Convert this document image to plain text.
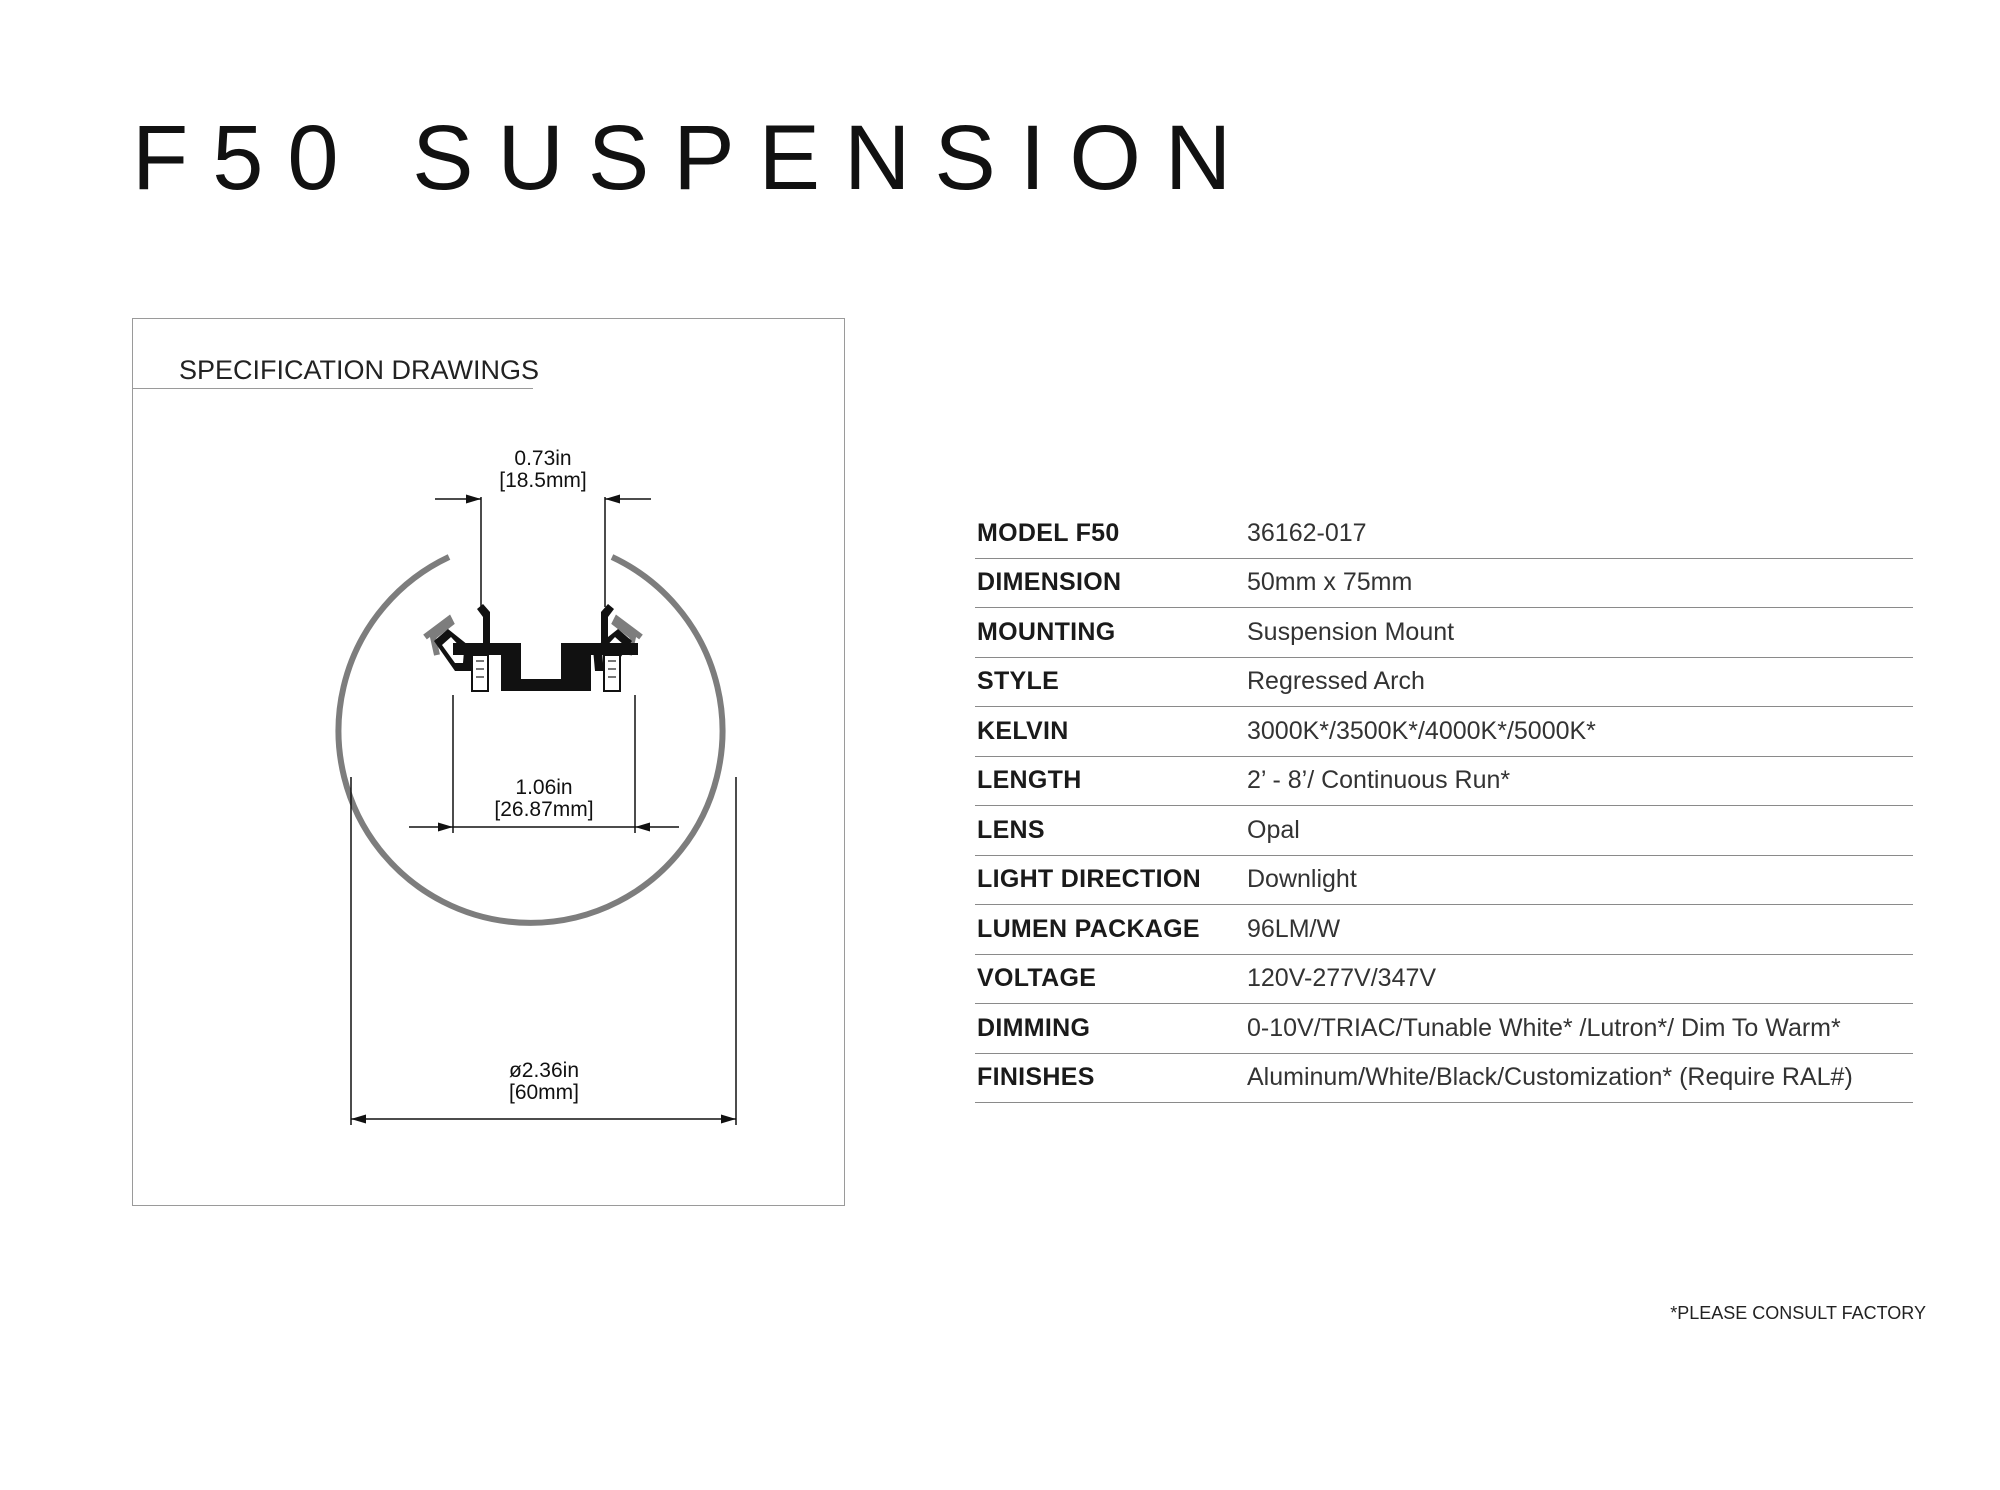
F50 SUSPENSION
SPECIFICATION DRAWINGS
0.73in
[18.5mm]
1.06in
[26.87mm]
ø2.36in
[60mm]
MODEL F50	36162-017
DIMENSION	50mm x 75mm
MOUNTING	Suspension Mount
STYLE	Regressed Arch
KELVIN	3000K*/3500K*/4000K*/5000K*
LENGTH	2’ - 8’/ Continuous Run*
LENS	Opal
LIGHT DIRECTION	Downlight
LUMEN PACKAGE	96LM/W
VOLTAGE	120V-277V/347V
DIMMING	0-10V/TRIAC/Tunable White* /Lutron*/ Dim To Warm*
FINISHES	Aluminum/White/Black/Customization* (Require RAL#)
*PLEASE CONSULT FACTORY
